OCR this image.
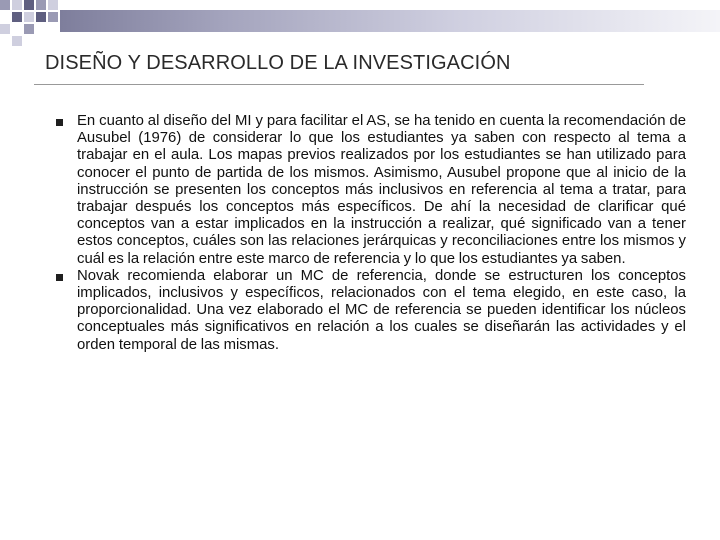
DISEÑO Y DESARROLLO DE LA INVESTIGACIÓN
En cuanto al diseño del MI y para facilitar el AS, se ha tenido en cuenta la recomendación de Ausubel (1976) de considerar lo que los estudiantes ya saben con respecto al tema a trabajar en el aula. Los mapas previos realizados por los estudiantes se han utilizado para conocer el punto de partida de los mismos. Asimismo, Ausubel propone que al inicio de la instrucción se presenten los conceptos más inclusivos en referencia al tema a tratar, para trabajar después los conceptos más específicos. De ahí la necesidad de clarificar qué conceptos van a estar implicados en la instrucción a realizar, qué significado van a tener estos conceptos, cuáles son las relaciones jerárquicas y reconciliaciones entre los mismos y cuál es la relación entre este marco de referencia y lo que los estudiantes ya saben.
Novak recomienda elaborar un MC de referencia, donde se estructuren los conceptos implicados, inclusivos y específicos, relacionados con el tema elegido, en este caso, la proporcionalidad. Una vez elaborado el MC de referencia se pueden identificar los núcleos conceptuales más significativos en relación a los cuales se diseñarán las actividades y el orden temporal de las mismas.
